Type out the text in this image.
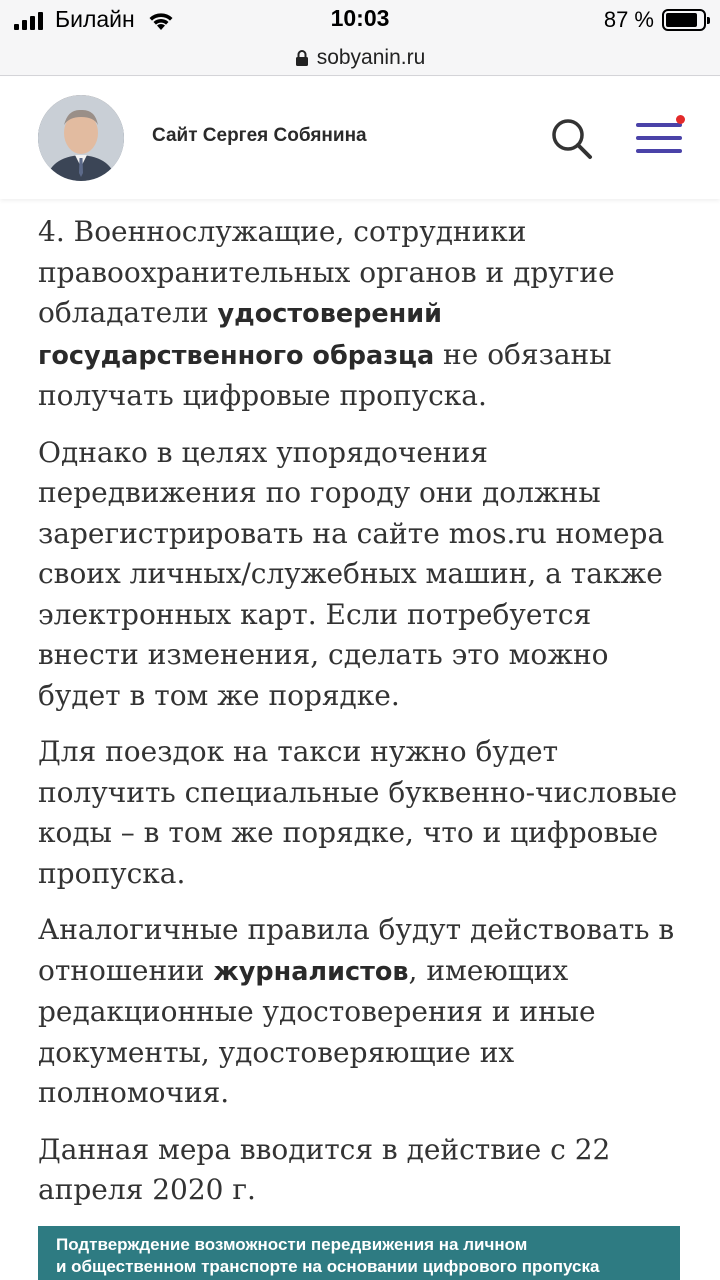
Билайн	10:03	87 %
sobyanin.ru
Сайт Сергея Собянина

4. Военнослужащие, сотрудники правоохранительных органов и другие обладатели удостоверений государственного образца не обязаны получать цифровые пропуска.

Однако в целях упорядочения передвижения по городу они должны зарегистрировать на сайте mos.ru номера своих личных/служебных машин, а также электронных карт. Если потребуется внести изменения, сделать это можно будет в том же порядке.

Для поездок на такси нужно будет получить специальные буквенно-числовые коды – в том же порядке, что и цифровые пропуска.

Аналогичные правила будут действовать в отношении журналистов, имеющих редакционные удостоверения и иные документы, удостоверяющие их полномочия.

Данная мера вводится в действие с 22 апреля 2020 г.

Подтверждение возможности передвижения на личном
и общественном транспорте на основании цифрового пропуска
